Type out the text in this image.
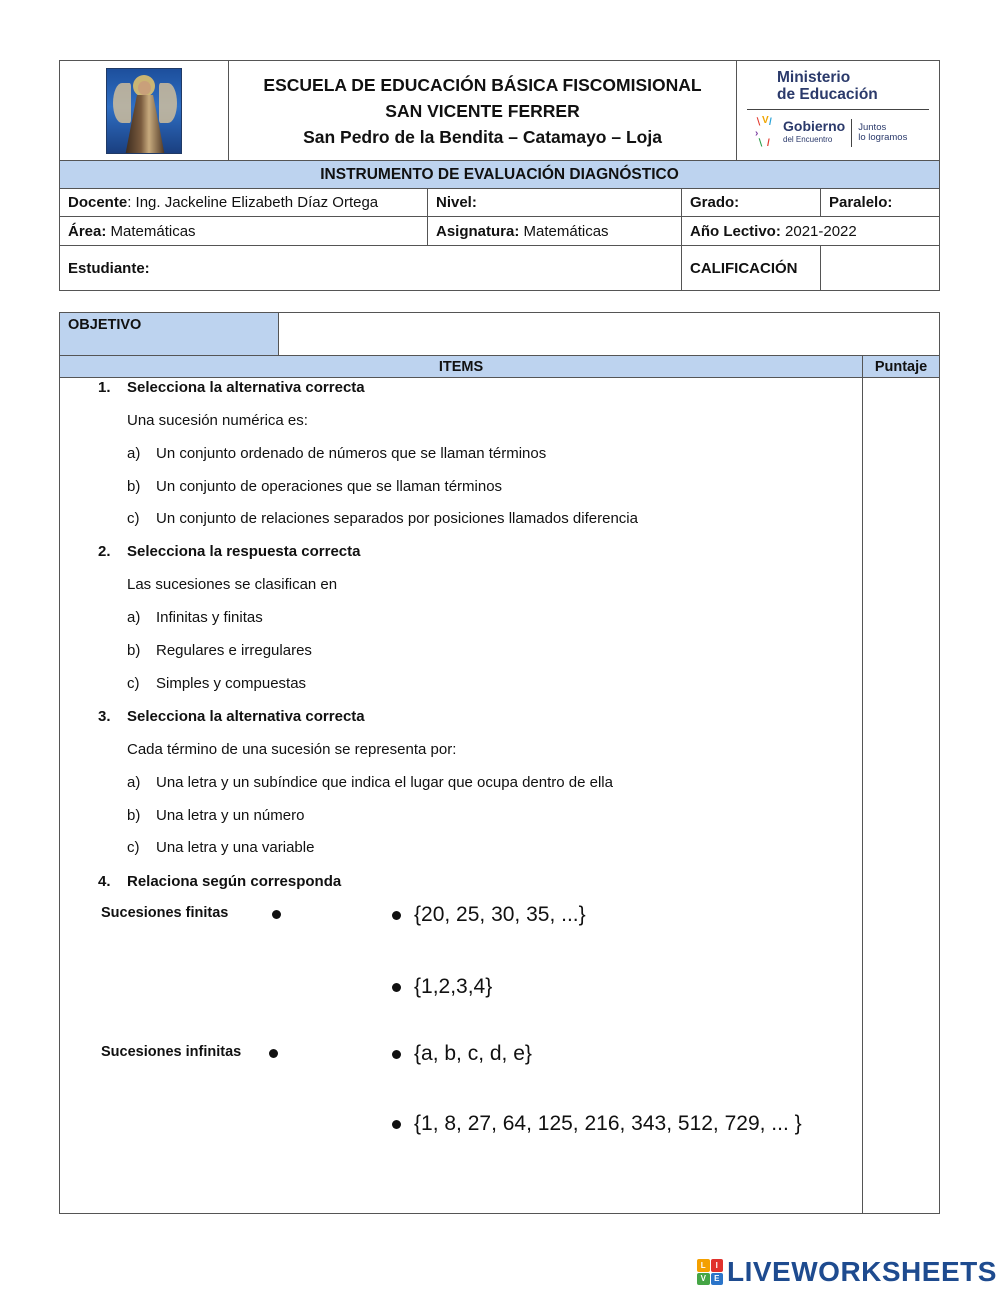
ESCUELA DE EDUCACIÓN BÁSICA FISCOMISIONAL
SAN VICENTE FERRER
San Pedro de la Bendita – Catamayo – Loja
Ministerio
de Educación
∖ V /
›
∖ /
Gobierno
del Encuentro
Juntos
lo logramos
INSTRUMENTO DE EVALUACIÓN DIAGNÓSTICO
Docente : Ing. Jackeline Elizabeth Díaz Ortega	Nivel:	Grado:	Paralelo:
Área: Matemáticas	Asignatura: Matemáticas	Año Lectivo: 2021-2022
Estudiante:	CALIFICACIÓN
OBJETIVO
ITEMS	Puntaje
1. Selecciona la alternativa correcta
Una sucesión numérica es:
a) Un conjunto ordenado de números que se llaman términos
b) Un conjunto de operaciones que se llaman términos
c) Un conjunto de relaciones separados por posiciones llamados diferencia
2. Selecciona la respuesta correcta
Las sucesiones se clasifican en
a) Infinitas y finitas
b) Regulares e irregulares
c) Simples y compuestas
3. Selecciona la alternativa correcta
Cada término de una sucesión se representa por:
a) Una letra y un subíndice que indica el lugar que ocupa dentro de ella
b) Una letra y un número
c) Una letra y una variable
4. Relaciona según corresponda
Sucesiones finitas
Sucesiones infinitas
{20, 25, 30, 35, ...}
{1,2,3,4}
{a, b, c, d, e}
{1, 8, 27, 64, 125, 216, 343, 512, 729, ... }
L	I
V	E LIVEWORKSHEETS
